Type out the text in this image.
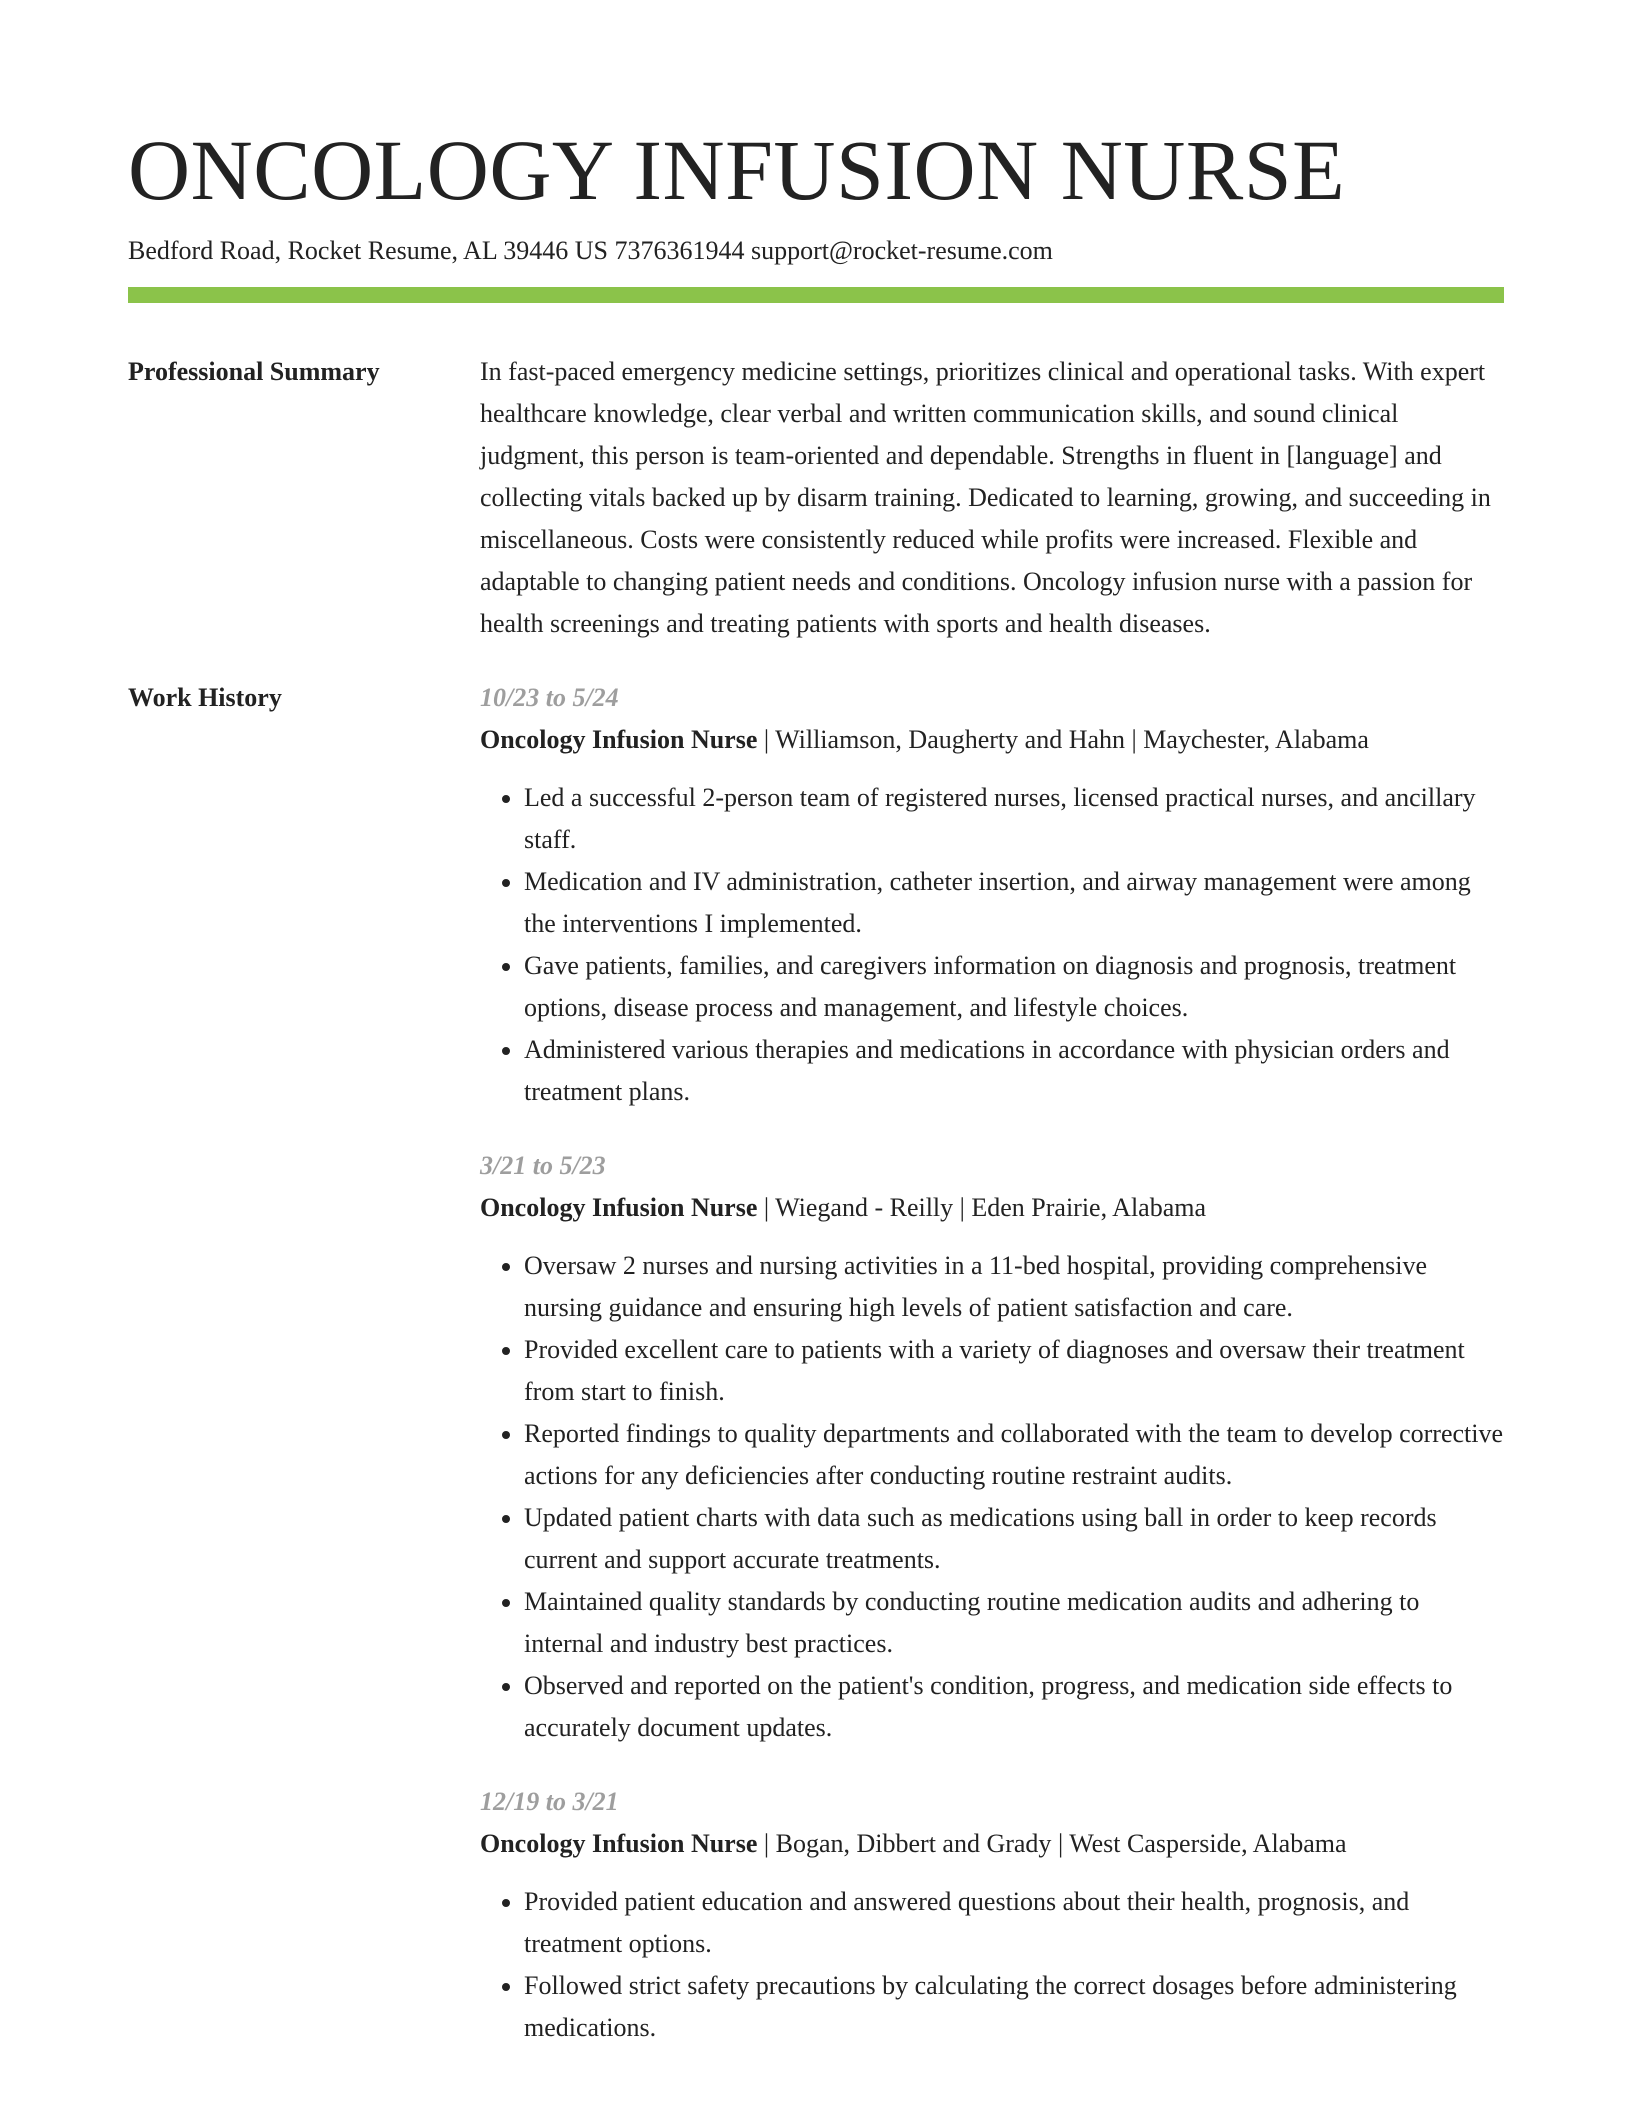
ONCOLOGY INFUSION NURSE
Bedford Road, Rocket Resume, AL 39446 US 7376361944 support@rocket-resume.com
Professional Summary	In fast-paced emergency medicine settings, prioritizes clinical and operational tasks. With expert healthcare knowledge, clear verbal and written communication skills, and sound clinical judgment, this person is team-oriented and dependable. Strengths in fluent in [language] and collecting vitals backed up by disarm training. Dedicated to learning, growing, and succeeding in miscellaneous. Costs were consistently reduced while profits were increased. Flexible and adaptable to changing patient needs and conditions. Oncology infusion nurse with a passion for health screenings and treating patients with sports and health diseases.

Work History	10/23 to 5/24
Oncology Infusion Nurse | Williamson, Daugherty and Hahn | Maychester, Alabama
• Led a successful 2-person team of registered nurses, licensed practical nurses, and ancillary staff.
• Medication and IV administration, catheter insertion, and airway management were among the interventions I implemented.
• Gave patients, families, and caregivers information on diagnosis and prognosis, treatment options, disease process and management, and lifestyle choices.
• Administered various therapies and medications in accordance with physician orders and treatment plans.
3/21 to 5/23
Oncology Infusion Nurse | Wiegand - Reilly | Eden Prairie, Alabama
• Oversaw 2 nurses and nursing activities in a 11-bed hospital, providing comprehensive nursing guidance and ensuring high levels of patient satisfaction and care.
• Provided excellent care to patients with a variety of diagnoses and oversaw their treatment from start to finish.
• Reported findings to quality departments and collaborated with the team to develop corrective actions for any deficiencies after conducting routine restraint audits.
• Updated patient charts with data such as medications using ball in order to keep records current and support accurate treatments.
• Maintained quality standards by conducting routine medication audits and adhering to internal and industry best practices.
• Observed and reported on the patient's condition, progress, and medication side effects to accurately document updates.
12/19 to 3/21
Oncology Infusion Nurse | Bogan, Dibbert and Grady | West Casperside, Alabama
• Provided patient education and answered questions about their health, prognosis, and treatment options.
• Followed strict safety precautions by calculating the correct dosages before administering medications.
